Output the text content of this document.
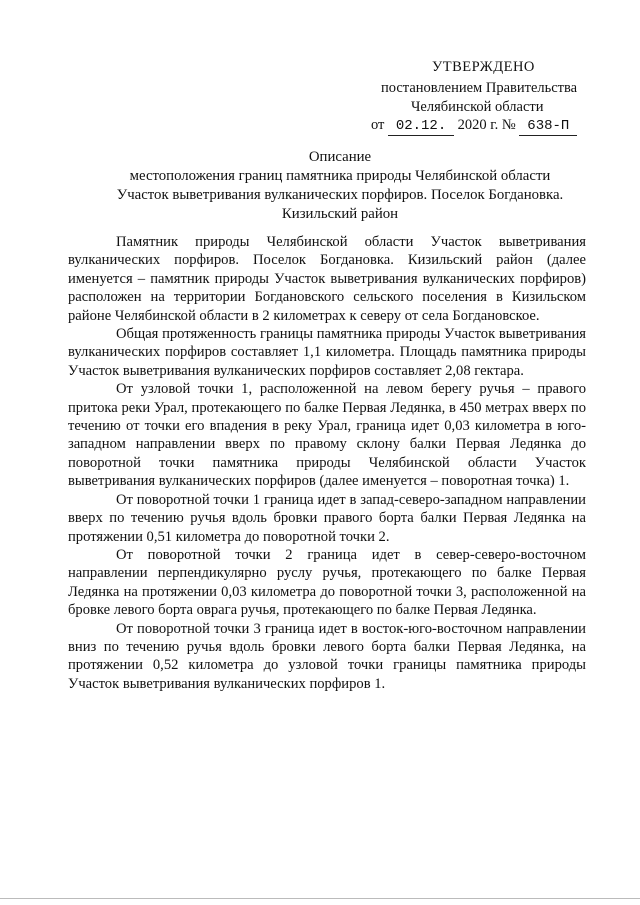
УТВЕРЖДЕНО
постановлением Правительства
Челябинской области
от 02.12. 2020 г. № 638-П
Описание
местоположения границ памятника природы Челябинской области
Участок выветривания вулканических порфиров. Поселок Богдановка.
Кизильский район

Памятник природы Челябинской области Участок выветривания вулканических порфиров. Поселок Богдановка. Кизильский район (далее именуется – памятник природы Участок выветривания вулканических порфиров) расположен на территории Богдановского сельского поселения в Кизильском районе Челябинской области в 2 километрах к северу от села Богдановское.

Общая протяженность границы памятника природы Участок выветривания вулканических порфиров составляет 1,1 километра. Площадь памятника природы Участок выветривания вулканических порфиров составляет 2,08 гектара.

От узловой точки 1, расположенной на левом берегу ручья – правого притока реки Урал, протекающего по балке Первая Ледянка, в 450 метрах вверх по течению от точки его впадения в реку Урал, граница идет 0,03 километра в юго-западном направлении вверх по правому склону балки Первая Ледянка до поворотной точки памятника природы Челябинской области Участок выветривания вулканических порфиров (далее именуется – поворотная точка) 1.

От поворотной точки 1 граница идет в запад-северо-западном направлении вверх по течению ручья вдоль бровки правого борта балки Первая Ледянка на протяжении 0,51 километра до поворотной точки 2.

От поворотной точки 2 граница идет в север-северо-восточном направлении перпендикулярно руслу ручья, протекающего по балке Первая Ледянка на протяжении 0,03 километра до поворотной точки 3, расположенной на бровке левого борта оврага ручья, протекающего по балке Первая Ледянка.

От поворотной точки 3 граница идет в восток-юго-восточном направлении вниз по течению ручья вдоль бровки левого борта балки Первая Ледянка, на протяжении 0,52 километра до узловой точки границы памятника природы Участок выветривания вулканических порфиров 1.
